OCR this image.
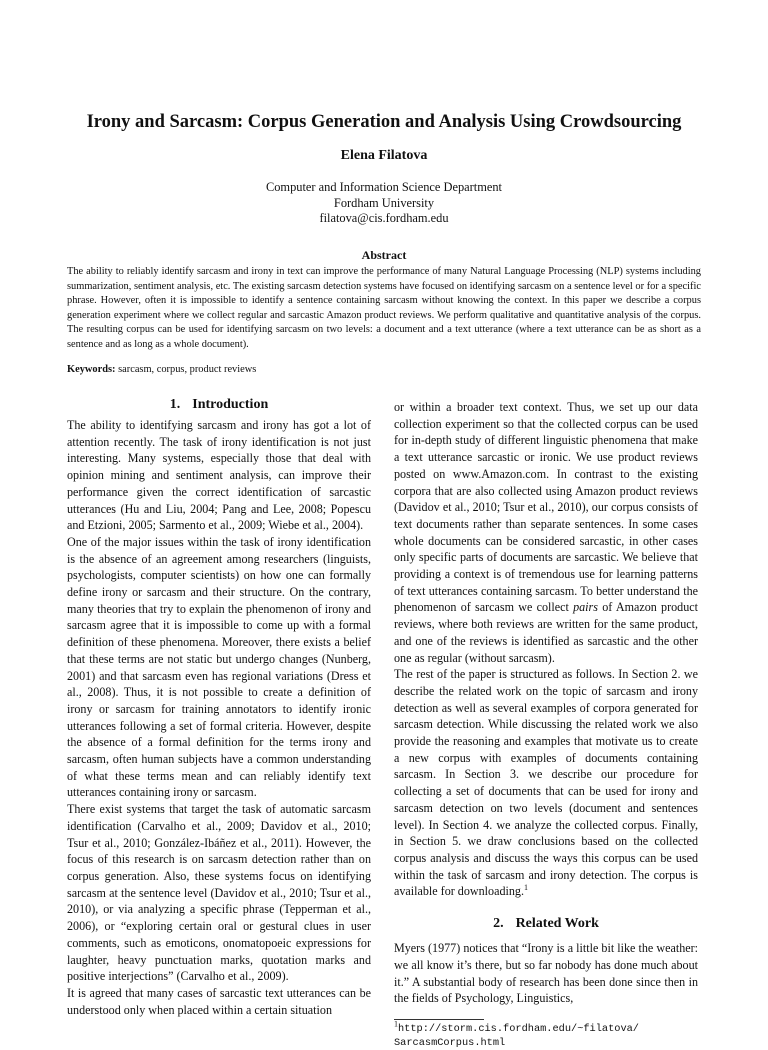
Irony and Sarcasm: Corpus Generation and Analysis Using Crowdsourcing
Elena Filatova
Computer and Information Science Department
Fordham University
filatova@cis.fordham.edu
Abstract
The ability to reliably identify sarcasm and irony in text can improve the performance of many Natural Language Processing (NLP) systems including summarization, sentiment analysis, etc. The existing sarcasm detection systems have focused on identifying sarcasm on a sentence level or for a specific phrase. However, often it is impossible to identify a sentence containing sarcasm without knowing the context. In this paper we describe a corpus generation experiment where we collect regular and sarcastic Amazon product reviews. We perform qualitative and quantitative analysis of the corpus. The resulting corpus can be used for identifying sarcasm on two levels: a document and a text utterance (where a text utterance can be as short as a sentence and as long as a whole document).
Keywords: sarcasm, corpus, product reviews
1. Introduction

The ability to identifying sarcasm and irony has got a lot of attention recently. The task of irony identification is not just interesting. Many systems, especially those that deal with opinion mining and sentiment analysis, can improve their performance given the correct identification of sarcastic utterances (Hu and Liu, 2004; Pang and Lee, 2008; Popescu and Etzioni, 2005; Sarmento et al., 2009; Wiebe et al., 2004).

One of the major issues within the task of irony identification is the absence of an agreement among researchers (linguists, psychologists, computer scientists) on how one can formally define irony or sarcasm and their structure. On the contrary, many theories that try to explain the phenomenon of irony and sarcasm agree that it is impossible to come up with a formal definition of these phenomena. Moreover, there exists a belief that these terms are not static but undergo changes (Nunberg, 2001) and that sarcasm even has regional variations (Dress et al., 2008). Thus, it is not possible to create a definition of irony or sarcasm for training annotators to identify ironic utterances following a set of formal criteria. However, despite the absence of a formal definition for the terms irony and sarcasm, often human subjects have a common understanding of what these terms mean and can reliably identify text utterances containing irony or sarcasm.

There exist systems that target the task of automatic sarcasm identification (Carvalho et al., 2009; Davidov et al., 2010; Tsur et al., 2010; González-Ibáñez et al., 2011). However, the focus of this research is on sarcasm detection rather than on corpus generation. Also, these systems focus on identifying sarcasm at the sentence level (Davidov et al., 2010; Tsur et al., 2010), or via analyzing a specific phrase (Tepperman et al., 2006), or “exploring certain oral or gestural clues in user comments, such as emoticons, onomatopoeic expressions for laughter, heavy punctuation marks, quotation marks and positive interjections” (Carvalho et al., 2009).

It is agreed that many cases of sarcastic text utterances can be understood only when placed within a certain situation

or within a broader text context. Thus, we set up our data collection experiment so that the collected corpus can be used for in-depth study of different linguistic phenomena that make a text utterance sarcastic or ironic. We use product reviews posted on www.Amazon.com. In contrast to the existing corpora that are also collected using Amazon product reviews (Davidov et al., 2010; Tsur et al., 2010), our corpus consists of text documents rather than separate sentences. In some cases whole documents can be considered sarcastic, in other cases only specific parts of documents are sarcastic. We believe that providing a context is of tremendous use for learning patterns of text utterances containing sarcasm. To better understand the phenomenon of sarcasm we collect pairs of Amazon product reviews, where both reviews are written for the same product, and one of the reviews is identified as sarcastic and the other one as regular (without sarcasm).

The rest of the paper is structured as follows. In Section 2. we describe the related work on the topic of sarcasm and irony detection as well as several examples of corpora generated for sarcasm detection. While discussing the related work we also provide the reasoning and examples that motivate us to create a new corpus with examples of documents containing sarcasm. In Section 3. we describe our procedure for collecting a set of documents that can be used for irony and sarcasm detection on two levels (document and sentences level). In Section 4. we analyze the collected corpus. Finally, in Section 5. we draw conclusions based on the collected corpus analysis and discuss the ways this corpus can be used within the task of sarcasm and irony detection. The corpus is available for downloading.$^1$

2. Related Work

Myers (1977) notices that “Irony is a little bit like the weather: we all know it’s there, but so far nobody has done much about it.” A substantial body of research has been done since then in the fields of Psychology, Linguistics,

$^1$http://storm.cis.fordham.edu/~filatova/
SarcasmCorpus.html
